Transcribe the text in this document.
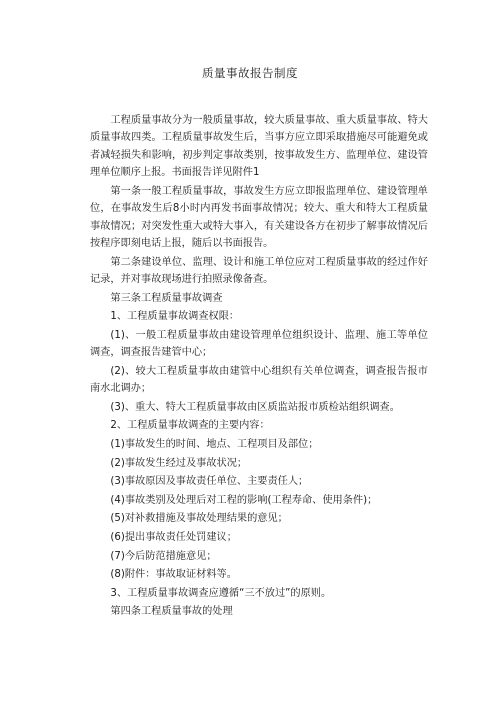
质量事故报告制度

工程质量事故分为一般质量事故，较大质量事故、重大质量事故、特大质量事故四类。工程质量事故发生后，当事方应立即采取措施尽可能避免或者减轻损失和影响，初步判定事故类别，按事故发生方、监理单位、建设管理单位顺序上报。书面报告详见附件1

第一条一般工程质量事故，事故发生方应立即报监理单位、建设管理单位，在事故发生后8小时内再发书面事故情况；较大、重大和特大工程质量事故情况；对突发性重大或特大事入，有关建设各方在初步了解事故情况后按程序即刻电话上报，随后以书面报告。

第二条建设单位、监理、设计和施工单位应对工程质量事故的经过作好记录，并对事故现场进行拍照录像备查。

第三条工程质量事故调查

1、工程质量事故调查权限：

(1)、一般工程质量事故由建设管理单位组织设计、监理、施工等单位调查，调查报告建管中心；

(2)、较大工程质量事故由建管中心组织有关单位调查，调查报告报市南水北调办；

(3)、重大、特大工程质量事故由区质监站报市质检站组织调查。

2、工程质量事故调查的主要内容：

(1)事故发生的时间、地点、工程项目及部位；

(2)事故发生经过及事故状况；

(3)事故原因及事故责任单位、主要责任人；

(4)事故类别及处理后对工程的影响(工程寿命、使用条件)；

(5)对补救措施及事故处理结果的意见；

(6)提出事故责任处罚建议；

(7)今后防范措施意见；

(8)附件：事故取证材料等。

3、工程质量事故调查应遵循“三不放过”的原则。

第四条工程质量事故的处理
